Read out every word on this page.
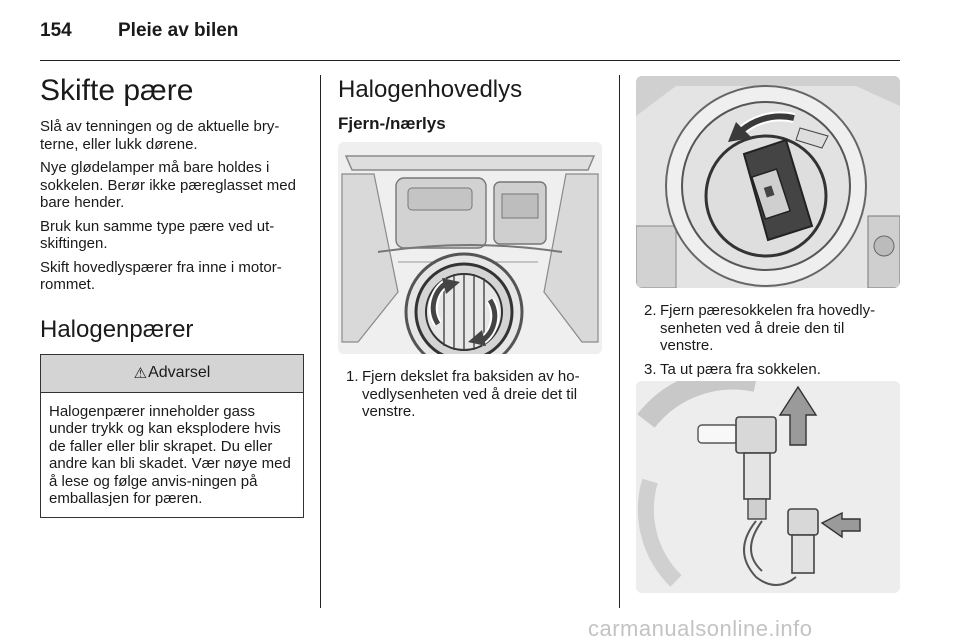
154 Pleie av bilen
Skifte pære

Slå av tenningen og de aktuelle bry-terne, eller lukk dørene.

Nye glødelamper må bare holdes i sokkelen. Berør ikke pæreglasset med bare hender.

Bruk kun samme type pære ved ut-skiftingen.

Skift hovedlyspærer fra inne i motor-rommet.

Halogenpærer
⚠ Advarsel
Halogenpærer inneholder gass under trykk og kan eksplodere hvis de faller eller blir skrapet. Du eller andre kan bli skadet. Vær nøye med å lese og følge anvis-ningen på emballasjen for pæren.
Halogenhovedlys
Fjern-/nærlys
1. Fjern dekslet fra baksiden av ho-vedlysenheten ved å dreie det til venstre.
2. Fjern pæresokkelen fra hovedly-senheten ved å dreie den til venstre.
3. Ta ut pæra fra sokkelen.
carmanualsonline.info
